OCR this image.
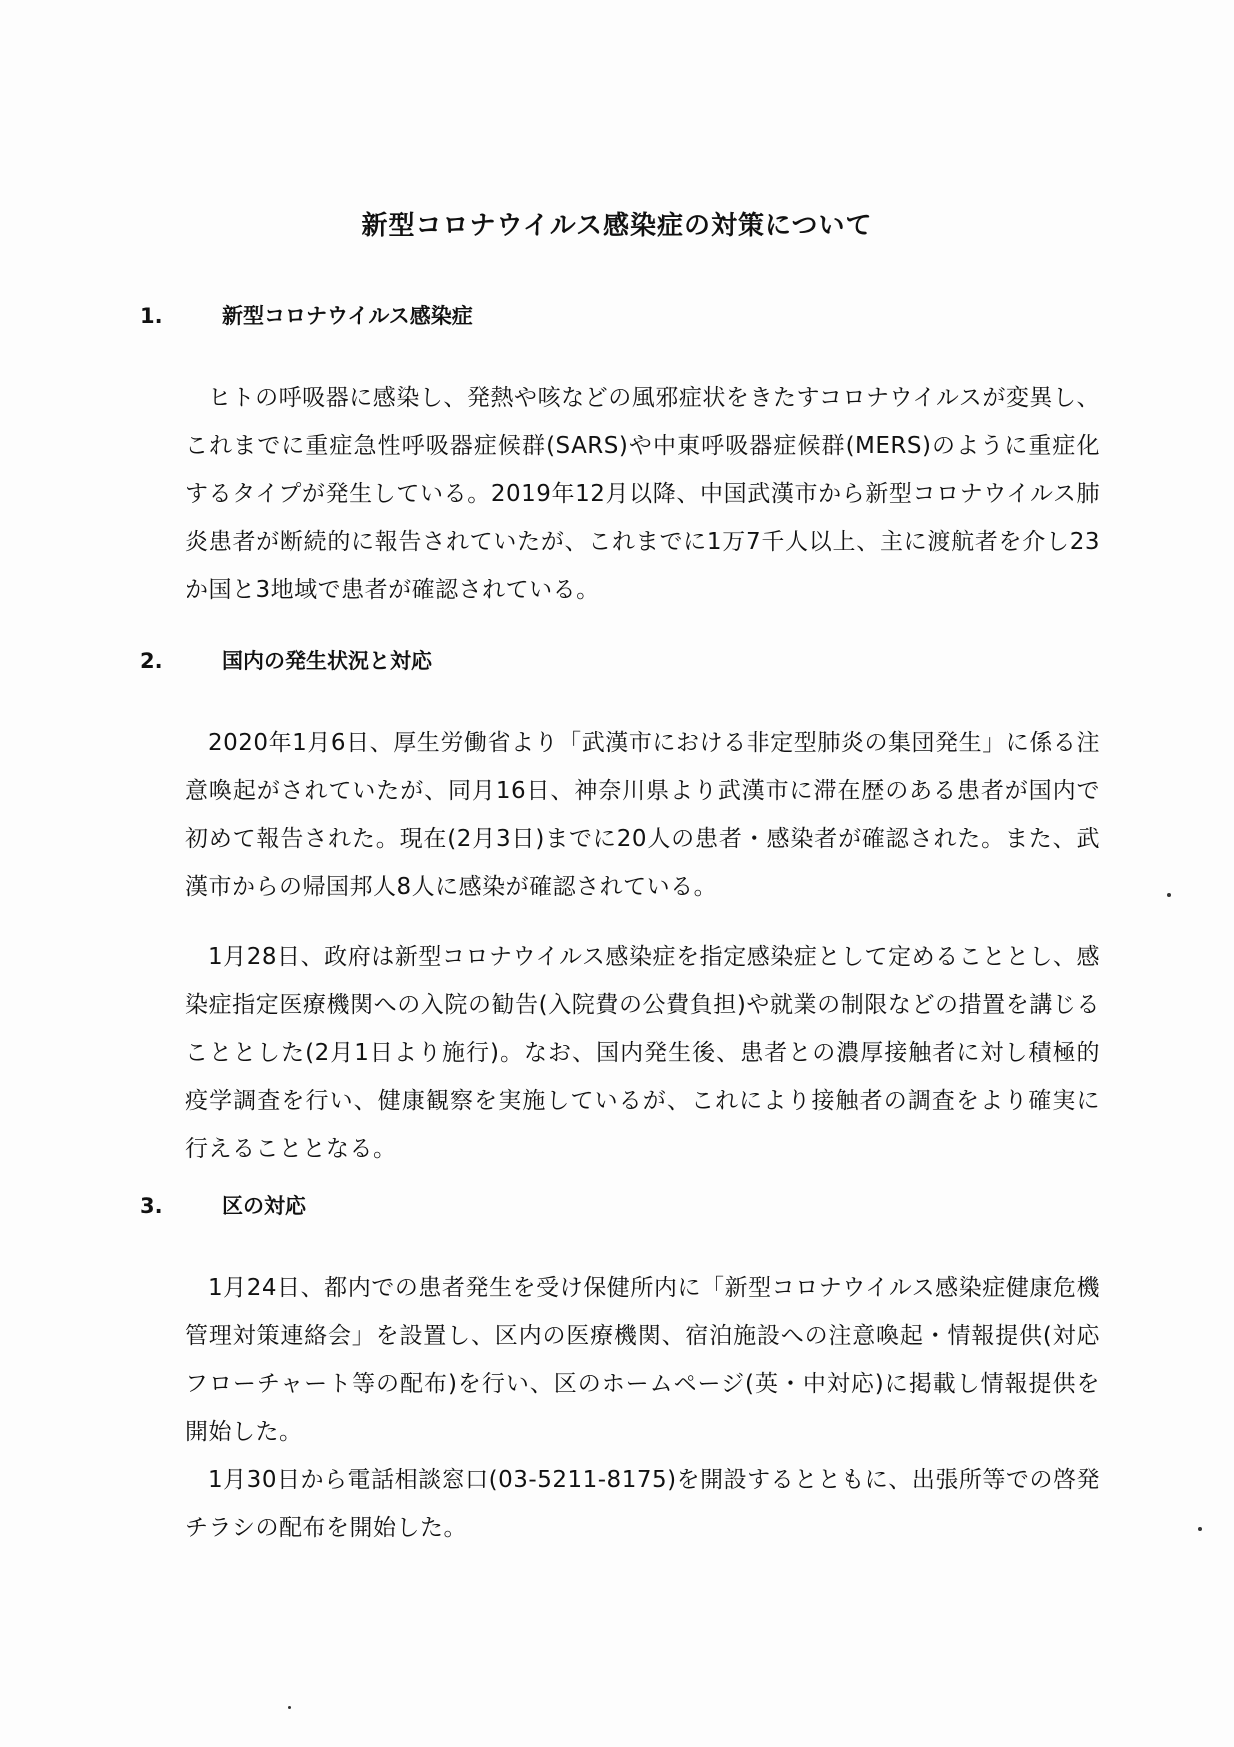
新型コロナウイルス感染症の対策について
1.	新型コロナウイルス感染症

ヒトの呼吸器に感染し、発熱や咳などの風邪症状をきたすコロナウイルスが変異し、これまでに重症急性呼吸器症候群(SARS)や中東呼吸器症候群(MERS)のように重症化するタイプが発生している。2019年12月以降、中国武漢市から新型コロナウイルス肺炎患者が断続的に報告されていたが、これまでに1万7千人以上、主に渡航者を介し23か国と3地域で患者が確認されている。

2.	国内の発生状況と対応

2020年1月6日、厚生労働省より「武漢市における非定型肺炎の集団発生」に係る注意喚起がされていたが、同月16日、神奈川県より武漢市に滞在歴のある患者が国内で初めて報告された。現在(2月3日)までに20人の患者・感染者が確認された。また、武漢市からの帰国邦人8人に感染が確認されている。

1月28日、政府は新型コロナウイルス感染症を指定感染症として定めることとし、感染症指定医療機関への入院の勧告(入院費の公費負担)や就業の制限などの措置を講じることとした(2月1日より施行)。なお、国内発生後、患者との濃厚接触者に対し積極的疫学調査を行い、健康観察を実施しているが、これにより接触者の調査をより確実に行えることとなる。

3.	区の対応

1月24日、都内での患者発生を受け保健所内に「新型コロナウイルス感染症健康危機管理対策連絡会」を設置し、区内の医療機関、宿泊施設への注意喚起・情報提供(対応フローチャート等の配布)を行い、区のホームページ(英・中対応)に掲載し情報提供を開始した。

1月30日から電話相談窓口(03-5211-8175)を開設するとともに、出張所等での啓発チラシの配布を開始した。
